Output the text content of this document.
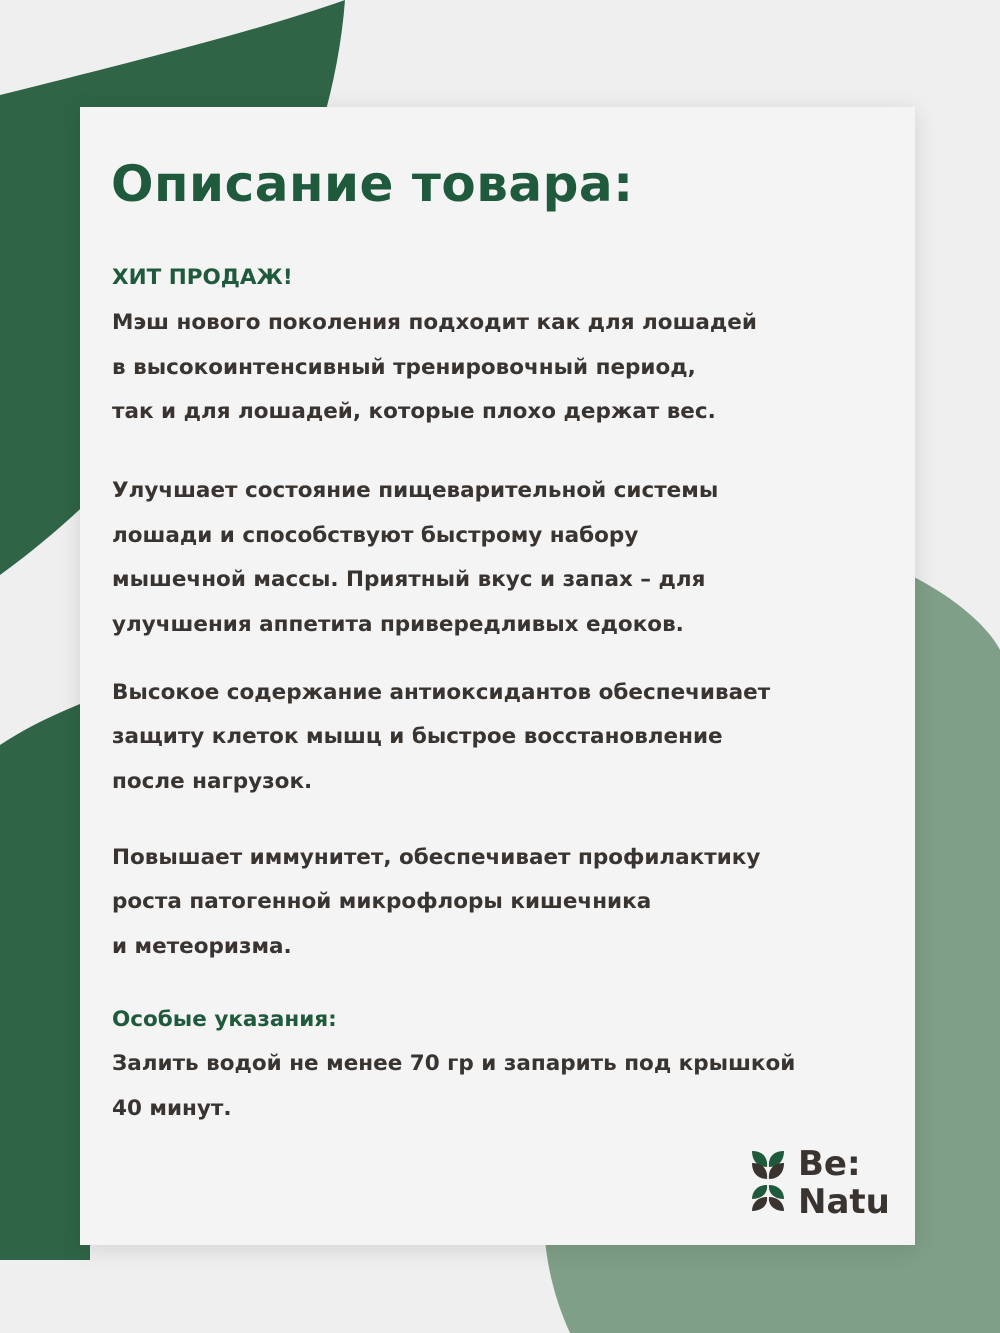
Описание товара:
ХИТ ПРОДАЖ!
Мэш нового поколения подходит как для лошадей
в высокоинтенсивный тренировочный период,
так и для лошадей, которые плохо держат вес.
Улучшает состояние пищеварительной системы
лошади и способствуют быстрому набору
мышечной массы. Приятный вкус и запах – для
улучшения аппетита привередливых едоков.
Высокое содержание антиоксидантов обеспечивает
защиту клеток мышц и быстрое восстановление
после нагрузок.
Повышает иммунитет, обеспечивает профилактику
роста патогенной микрофлоры кишечника
и метеоризма.
Особые указания:
Залить водой не менее 70 гр и запарить под крышкой
40 минут.
Be:
Natu
